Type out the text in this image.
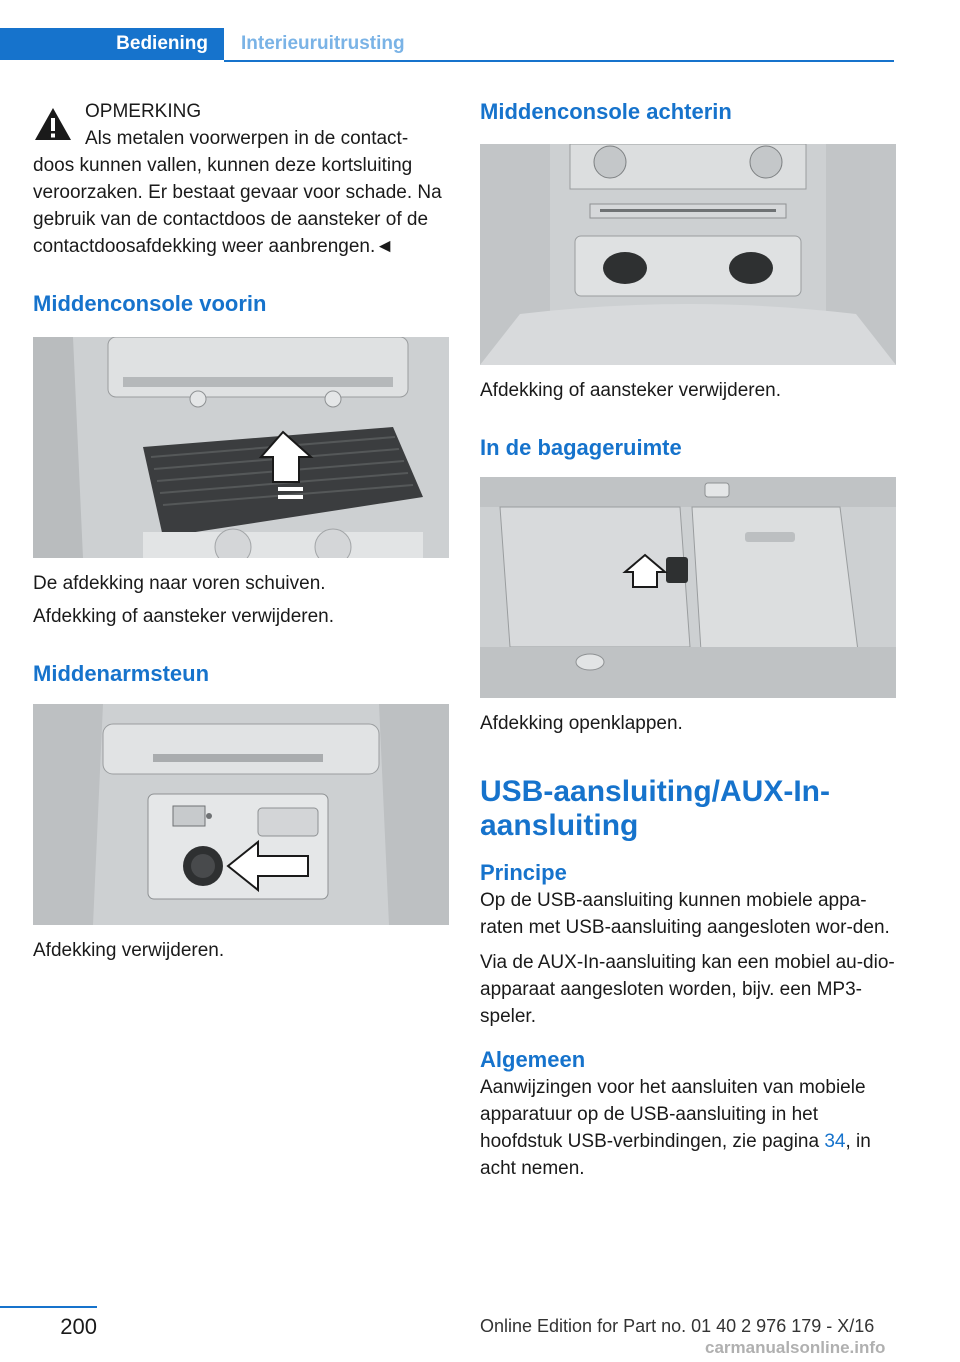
Bediening	Interieuruitrusting
OPMERKING
Als metalen voorwerpen in de contact-
doos kunnen vallen, kunnen deze kortsluiting veroorzaken. Er bestaat gevaar voor schade. Na gebruik van de contactdoos de aansteker of de contactdoosafdekking weer aanbrengen.◄
Middenconsole voorin

De afdekking naar voren schuiven.

Afdekking of aansteker verwijderen.

Middenarmsteun

Afdekking verwijderen.

Middenconsole achterin

Afdekking of aansteker verwijderen.

In de bagageruimte

Afdekking openklappen.

USB-aansluiting/AUX-In-aansluiting
Principe

Op de USB-aansluiting kunnen mobiele appa-raten met USB-aansluiting aangesloten wor-den.

Via de AUX-In-aansluiting kan een mobiel au-dio-apparaat aangesloten worden, bijv. een MP3-speler.

Algemeen

Aanwijzingen voor het aansluiten van mobiele apparatuur op de USB-aansluiting in het hoofdstuk USB-verbindingen, zie pagina 34, in acht nemen.

200	Online Edition for Part no. 01 40 2 976 179 - X/16
carmanualsonline.info
